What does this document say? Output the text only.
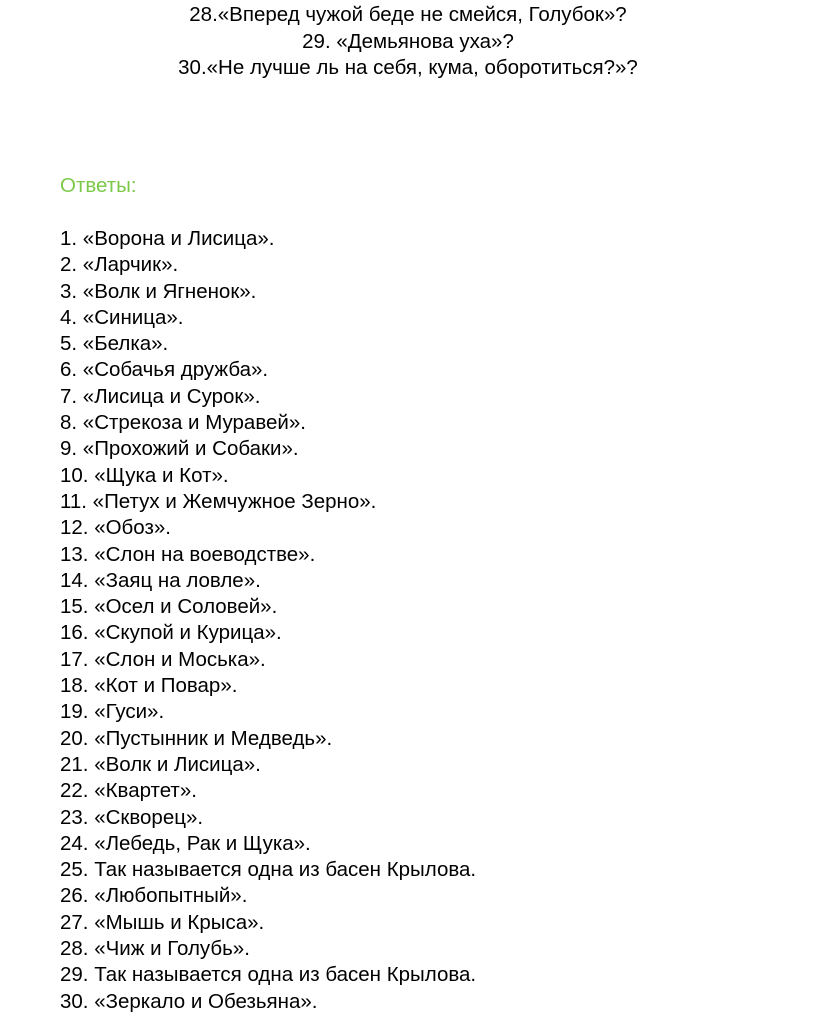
28.«Вперед чужой беде не смейся, Голубок»?
29. «Демьянова уха»?
30.«Не лучше ль на себя, кума, оборотиться?»?
Ответы:
1. «Ворона и Лисица».
2. «Ларчик».
3. «Волк и Ягненок».
4. «Синица».
5. «Белка».
6. «Собачья дружба».
7. «Лисица и Сурок».
8. «Стрекоза и Муравей».
9. «Прохожий и Собаки».
10. «Щука и Кот».
11. «Петух и Жемчужное Зерно».
12. «Обоз».
13. «Слон на воеводстве».
14. «Заяц на ловле».
15. «Осел и Соловей».
16. «Скупой и Курица».
17. «Слон и Моська».
18. «Кот и Повар».
19. «Гуси».
20. «Пустынник и Медведь».
21. «Волк и Лисица».
22. «Квартет».
23. «Скворец».
24. «Лебедь, Рак и Щука».
25. Так называется одна из басен Крылова.
26. «Любопытный».
27. «Мышь и Крыса».
28. «Чиж и Голубь».
29. Так называется одна из басен Крылова.
30. «Зеркало и Обезьяна».
